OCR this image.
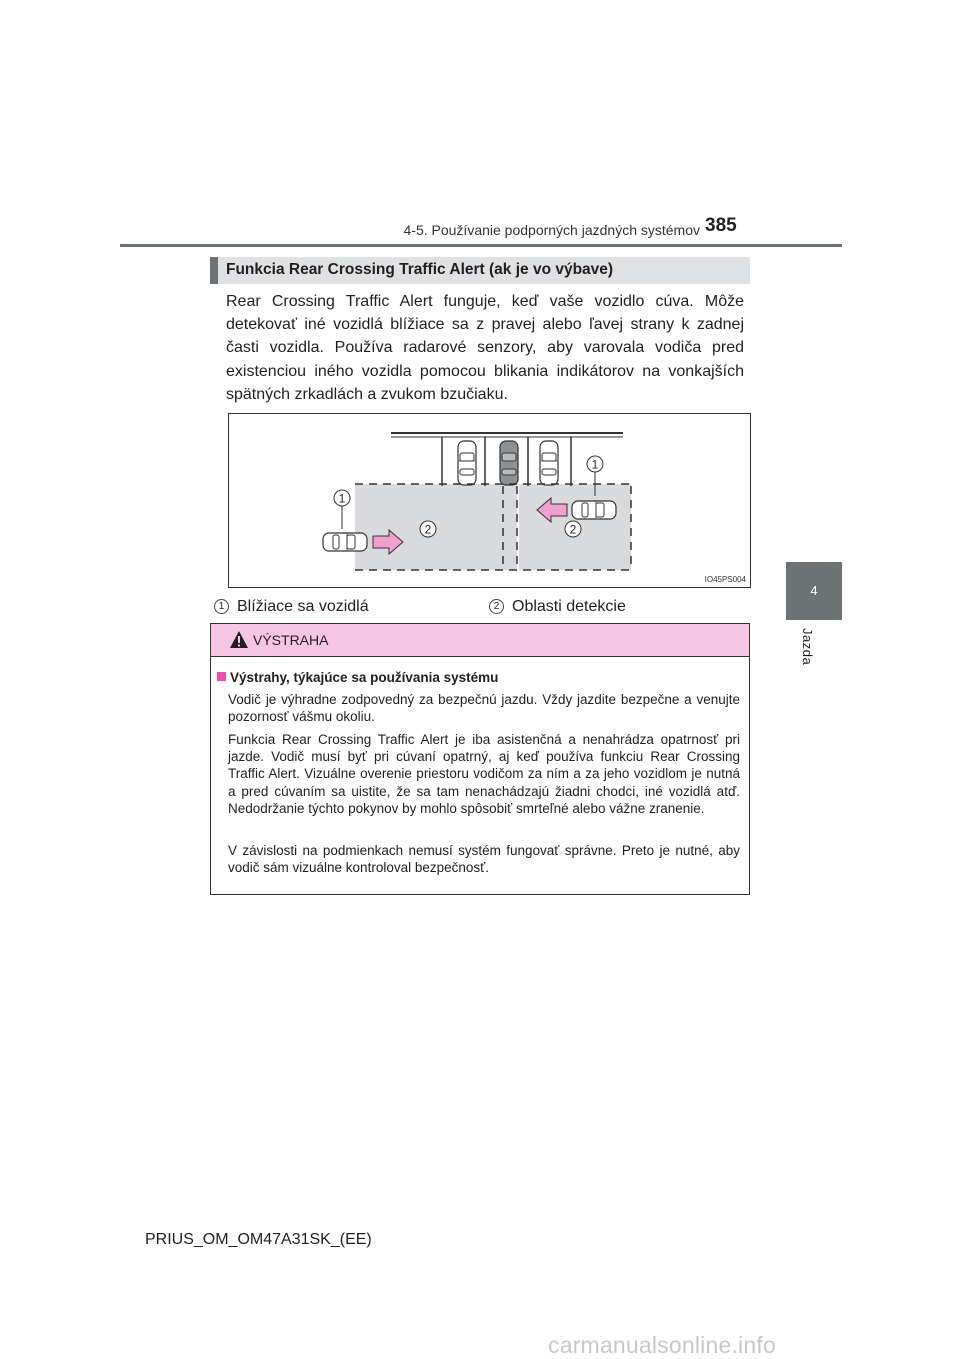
4-5. Používanie podporných jazdných systémov 385
4
Jazda
Funkcia Rear Crossing Traffic Alert (ak je vo výbave)
Rear Crossing Traffic Alert funguje, keď vaše vozidlo cúva. Môže detekovať iné vozidlá blížiace sa z pravej alebo ľavej strany k zadnej časti vozidla. Používa radarové senzory, aby varovala vodiča pred existenciou iného vozidla pomocou blikania indikátorov na vonkajších spätných zrkadlách a zvukom bzučiaku.
1
1
2	2
IO45PS004
1 Blížiace sa vozidlá	2 Oblasti detekcie
VÝSTRAHA
Výstrahy, týkajúce sa používania systému
Vodič je výhradne zodpovedný za bezpečnú jazdu. Vždy jazdite bezpečne a venujte pozornosť vášmu okoliu.
Funkcia Rear Crossing Traffic Alert je iba asistenčná a nenahrádza opatrnosť pri jazde. Vodič musí byť pri cúvaní opatrný, aj keď používa funkciu Rear Crossing Traffic Alert. Vizuálne overenie priestoru vodičom za ním a za jeho vozidlom je nutná a pred cúvaním sa uistite, že sa tam nenachádzajú žiadni chodci, iné vozidlá atď. Nedodržanie týchto pokynov by mohlo spôsobiť smrteľné alebo vážne zranenie.
V závislosti na podmienkach nemusí systém fungovať správne. Preto je nutné, aby vodič sám vizuálne kontroloval bezpečnosť.
PRIUS_OM_OM47A31SK_(EE)
carmanualsonline.info
